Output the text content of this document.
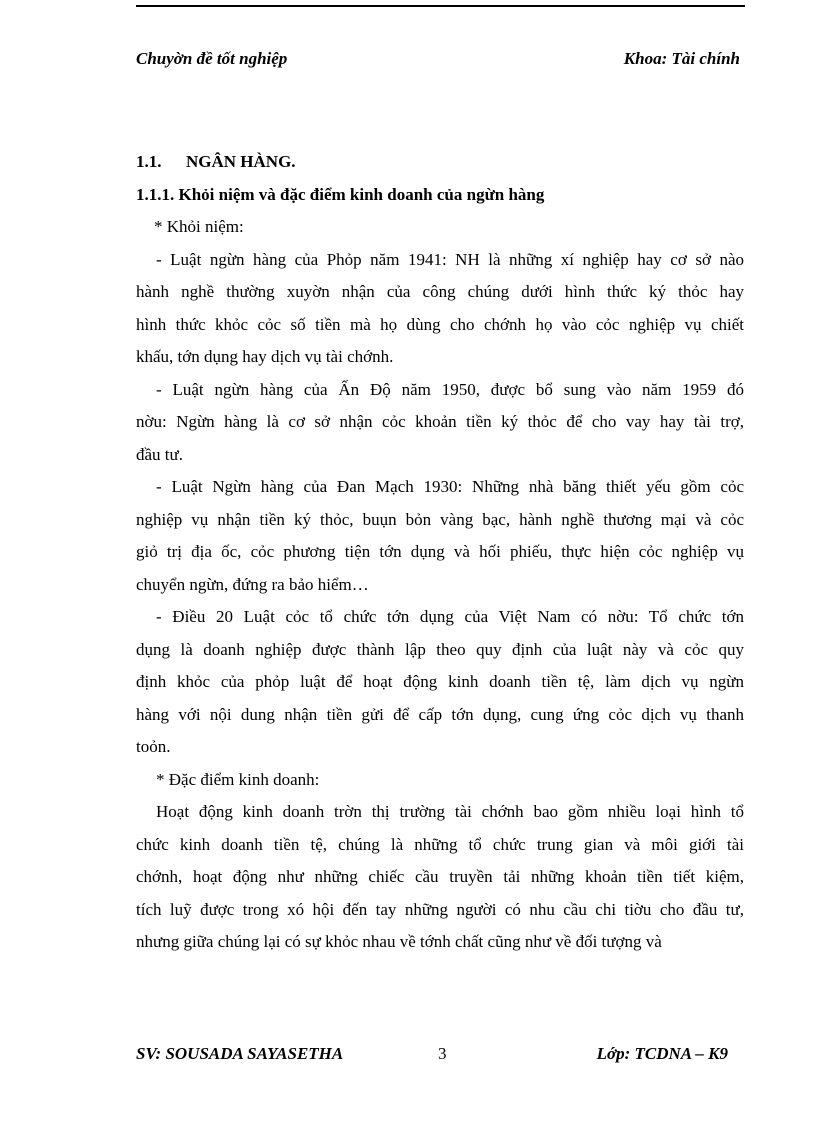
Chuyờn đề tốt nghiệp	Khoa: Tài chính
1.1. NGÂN HÀNG.
1.1.1. Khỏi niệm và đặc điểm kinh doanh của ngừn hàng
* Khỏi niệm:
- Luật ngừn hàng của Phỏp năm 1941: NH là những xí nghiệp hay cơ sở nào
hành nghề thường xuyờn nhận của công chúng dưới hình thức ký thỏc hay
hình thức khỏc cỏc số tiền mà họ dùng cho chớnh họ vào cỏc nghiệp vụ chiết
khấu, tớn dụng hay dịch vụ tài chớnh.
- Luật ngừn hàng của Ấn Độ năm 1950, được bổ sung vào năm 1959 đó
nờu: Ngừn hàng là cơ sở nhận cỏc khoản tiền ký thỏc để cho vay hay tài trợ,
đầu tư.
- Luật Ngừn hàng của Đan Mạch 1930: Những nhà băng thiết yếu gồm cỏc
nghiệp vụ nhận tiền ký thỏc, buụn bỏn vàng bạc, hành nghề thương mại và cỏc
giỏ trị địa ốc, cỏc phương tiện tớn dụng và hối phiếu, thực hiện cỏc nghiệp vụ
chuyển ngừn, đứng ra bảo hiểm…
- Điều 20 Luật cỏc tổ chức tớn dụng của Việt Nam có nờu: Tổ chức tớn
dụng là doanh nghiệp được thành lập theo quy định của luật này và cỏc quy
định khỏc của phỏp luật để hoạt động kinh doanh tiền tệ, làm dịch vụ ngừn
hàng với nội dung nhận tiền gửi để cấp tớn dụng, cung ứng cỏc dịch vụ thanh
toỏn.
* Đặc điểm kinh doanh:
Hoạt động kinh doanh trờn thị trường tài chớnh bao gồm nhiều loại hình tổ
chức kinh doanh tiền tệ, chúng là những tổ chức trung gian và môi giới tài
chớnh, hoạt động như những chiếc cầu truyền tải những khoản tiền tiết kiệm,
tích luỹ được trong xó hội đến tay những người có nhu cầu chi tiờu cho đầu tư,
nhưng giữa chúng lại có sự khỏc nhau về tớnh chất cũng như về đối tượng và
SV: SOUSADA SAYASETHA	3	Lớp: TCDNA – K9
